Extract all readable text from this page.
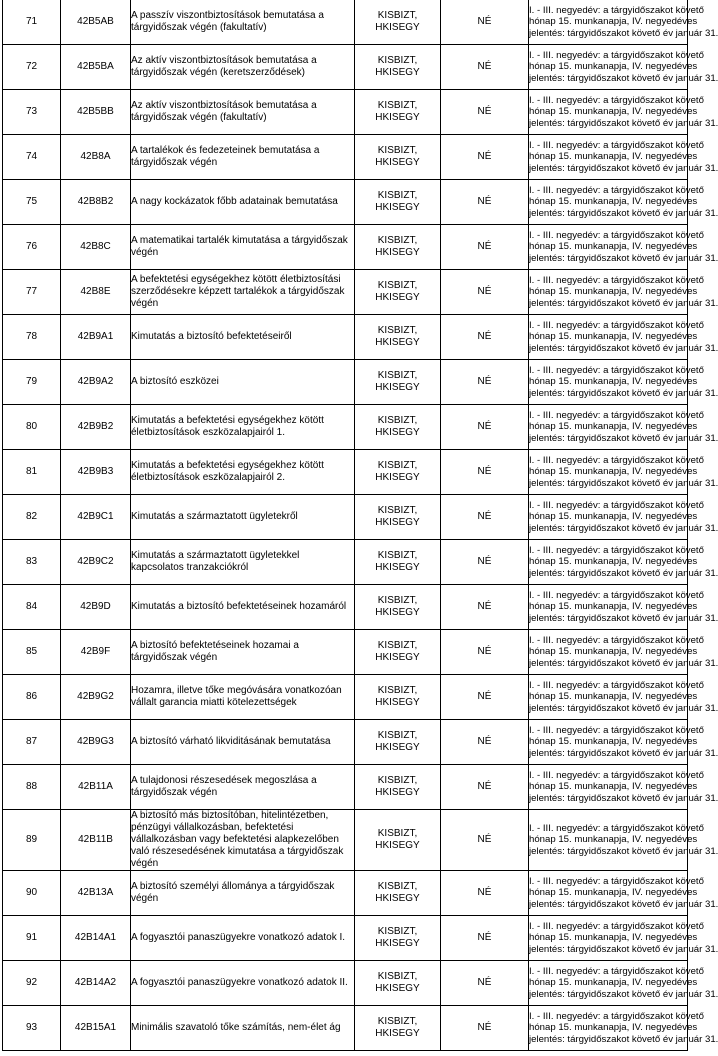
71	42B5AB	A passzív viszontbiztosítások bemutatása a tárgyidőszak végén (fakultatív)	KISBIZT, HKISEGY	NÉ	I. - III. negyedév: a tárgyidőszakot követő
hónap 15. munkanapja, IV. negyedéves
jelentés: tárgyidőszakot követő év január 31.

72	42B5BA	Az aktív viszontbiztosítások bemutatása a tárgyidőszak végén (keretszerződések)	KISBIZT, HKISEGY	NÉ	I. - III. negyedév: a tárgyidőszakot követő
hónap 15. munkanapja, IV. negyedéves
jelentés: tárgyidőszakot követő év január 31.

73	42B5BB	Az aktív viszontbiztosítások bemutatása a tárgyidőszak végén (fakultatív)	KISBIZT, HKISEGY	NÉ	I. - III. negyedév: a tárgyidőszakot követő
hónap 15. munkanapja, IV. negyedéves
jelentés: tárgyidőszakot követő év január 31.

74	42B8A	A tartalékok és fedezeteinek bemutatása a tárgyidőszak végén	KISBIZT, HKISEGY	NÉ	I. - III. negyedév: a tárgyidőszakot követő
hónap 15. munkanapja, IV. negyedéves
jelentés: tárgyidőszakot követő év január 31.

75	42B8B2	A nagy kockázatok főbb adatainak bemutatása	KISBIZT, HKISEGY	NÉ	I. - III. negyedév: a tárgyidőszakot követő
hónap 15. munkanapja, IV. negyedéves
jelentés: tárgyidőszakot követő év január 31.

76	42B8C	A matematikai tartalék kimutatása a tárgyidőszak végén	KISBIZT, HKISEGY	NÉ	I. - III. negyedév: a tárgyidőszakot követő
hónap 15. munkanapja, IV. negyedéves
jelentés: tárgyidőszakot követő év január 31.

77	42B8E	A befektetési egységekhez kötött életbiztosítási szerződésekre képzett tartalékok a tárgyidőszak végén	KISBIZT, HKISEGY	NÉ	I. - III. negyedév: a tárgyidőszakot követő
hónap 15. munkanapja, IV. negyedéves
jelentés: tárgyidőszakot követő év január 31.

78	42B9A1	Kimutatás a biztosító befektetéseiről	KISBIZT, HKISEGY	NÉ	I. - III. negyedév: a tárgyidőszakot követő
hónap 15. munkanapja, IV. negyedéves
jelentés: tárgyidőszakot követő év január 31.

79	42B9A2	A biztosító eszközei	KISBIZT, HKISEGY	NÉ	I. - III. negyedév: a tárgyidőszakot követő
hónap 15. munkanapja, IV. negyedéves
jelentés: tárgyidőszakot követő év január 31.

80	42B9B2	Kimutatás a befektetési egységekhez kötött életbiztosítások eszközalapjairól 1.	KISBIZT, HKISEGY	NÉ	I. - III. negyedév: a tárgyidőszakot követő
hónap 15. munkanapja, IV. negyedéves
jelentés: tárgyidőszakot követő év január 31.

81	42B9B3	Kimutatás a befektetési egységekhez kötött életbiztosítások eszközalapjairól 2.	KISBIZT, HKISEGY	NÉ	I. - III. negyedév: a tárgyidőszakot követő
hónap 15. munkanapja, IV. negyedéves
jelentés: tárgyidőszakot követő év január 31.

82	42B9C1	Kimutatás a származtatott ügyletekről	KISBIZT, HKISEGY	NÉ	I. - III. negyedév: a tárgyidőszakot követő
hónap 15. munkanapja, IV. negyedéves
jelentés: tárgyidőszakot követő év január 31.

83	42B9C2	Kimutatás a származtatott ügyletekkel kapcsolatos tranzakciókról	KISBIZT, HKISEGY	NÉ	I. - III. negyedév: a tárgyidőszakot követő
hónap 15. munkanapja, IV. negyedéves
jelentés: tárgyidőszakot követő év január 31.

84	42B9D	Kimutatás a biztosító befektetéseinek hozamáról	KISBIZT, HKISEGY	NÉ	I. - III. negyedév: a tárgyidőszakot követő
hónap 15. munkanapja, IV. negyedéves
jelentés: tárgyidőszakot követő év január 31.

85	42B9F	A biztosító befektetéseinek hozamai a tárgyidőszak végén	KISBIZT, HKISEGY	NÉ	I. - III. negyedév: a tárgyidőszakot követő
hónap 15. munkanapja, IV. negyedéves
jelentés: tárgyidőszakot követő év január 31.

86	42B9G2	Hozamra, illetve tőke megóvására vonatkozóan vállalt garancia miatti kötelezettségek	KISBIZT, HKISEGY	NÉ	I. - III. negyedév: a tárgyidőszakot követő
hónap 15. munkanapja, IV. negyedéves
jelentés: tárgyidőszakot követő év január 31.

87	42B9G3	A biztosító várható likviditásának bemutatása	KISBIZT, HKISEGY	NÉ	I. - III. negyedév: a tárgyidőszakot követő
hónap 15. munkanapja, IV. negyedéves
jelentés: tárgyidőszakot követő év január 31.

88	42B11A	A tulajdonosi részesedések megoszlása a tárgyidőszak végén	KISBIZT, HKISEGY	NÉ	I. - III. negyedév: a tárgyidőszakot követő
hónap 15. munkanapja, IV. negyedéves
jelentés: tárgyidőszakot követő év január 31.

89	42B11B	A biztosító más biztosítóban, hitelintézetben, pénzügyi vállalkozásban, befektetési vállalkozásban vagy befektetési alapkezelőben való részesedésének kimutatása a tárgyidőszak végén	KISBIZT, HKISEGY	NÉ	I. - III. negyedév: a tárgyidőszakot követő
hónap 15. munkanapja, IV. negyedéves
jelentés: tárgyidőszakot követő év január 31.

90	42B13A	A biztosító személyi állománya a tárgyidőszak végén	KISBIZT, HKISEGY	NÉ	I. - III. negyedév: a tárgyidőszakot követő
hónap 15. munkanapja, IV. negyedéves
jelentés: tárgyidőszakot követő év január 31.

91	42B14A1	A fogyasztói panaszügyekre vonatkozó adatok I.	KISBIZT, HKISEGY	NÉ	I. - III. negyedév: a tárgyidőszakot követő
hónap 15. munkanapja, IV. negyedéves
jelentés: tárgyidőszakot követő év január 31.

92	42B14A2	A fogyasztói panaszügyekre vonatkozó adatok II.	KISBIZT, HKISEGY	NÉ	I. - III. negyedév: a tárgyidőszakot követő
hónap 15. munkanapja, IV. negyedéves
jelentés: tárgyidőszakot követő év január 31.

93	42B15A1	Minimális szavatoló tőke számítás, nem-élet ág	KISBIZT, HKISEGY	NÉ	I. - III. negyedév: a tárgyidőszakot követő
hónap 15. munkanapja, IV. negyedéves
jelentés: tárgyidőszakot követő év január 31.
